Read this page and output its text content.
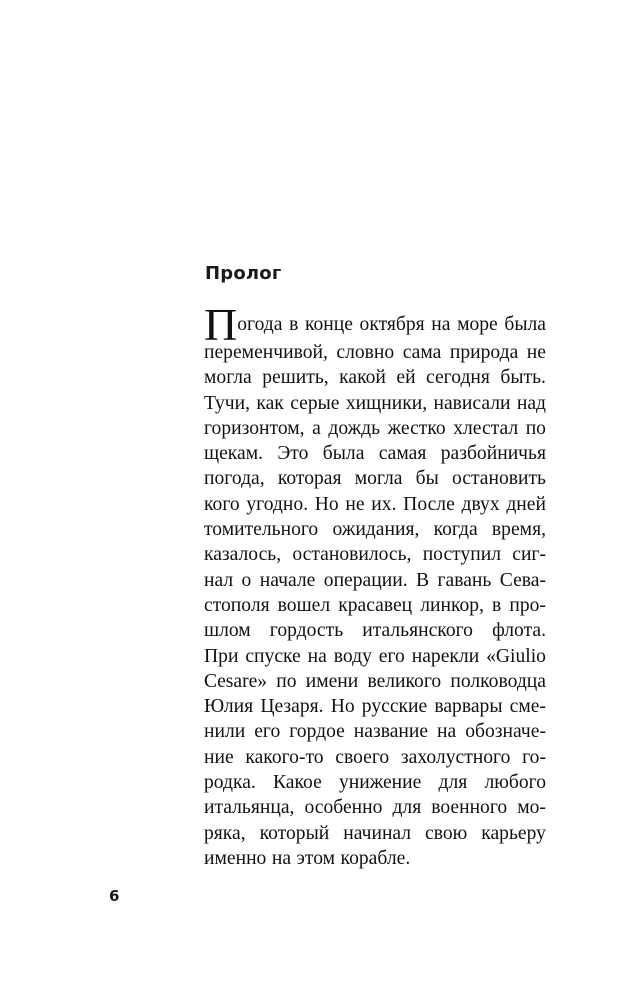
Пролог
П огода в конце октября на море была
переменчивой, словно сама природа не
могла решить, какой ей сегодня быть.
Тучи, как серые хищники, нависали над
горизонтом, а дождь жестко хлестал по
щекам. Это была самая разбойничья
погода, которая могла бы остановить
кого угодно. Но не их. После двух дней
томительного ожидания, когда время,
казалось, остановилось, поступил сиг-
нал о начале операции. В гавань Сева-
стополя вошел красавец линкор, в про-
шлом гордость итальянского флота.
При спуске на воду его нарекли «Giulio
Cesare» по имени великого полководца
Юлия Цезаря. Но русские варвары сме-
нили его гордое название на обозначе-
ние какого-то своего захолустного го-
родка. Какое унижение для любого
итальянца, особенно для военного мо-
ряка, который начинал свою карьеру
именно на этом корабле.
6
